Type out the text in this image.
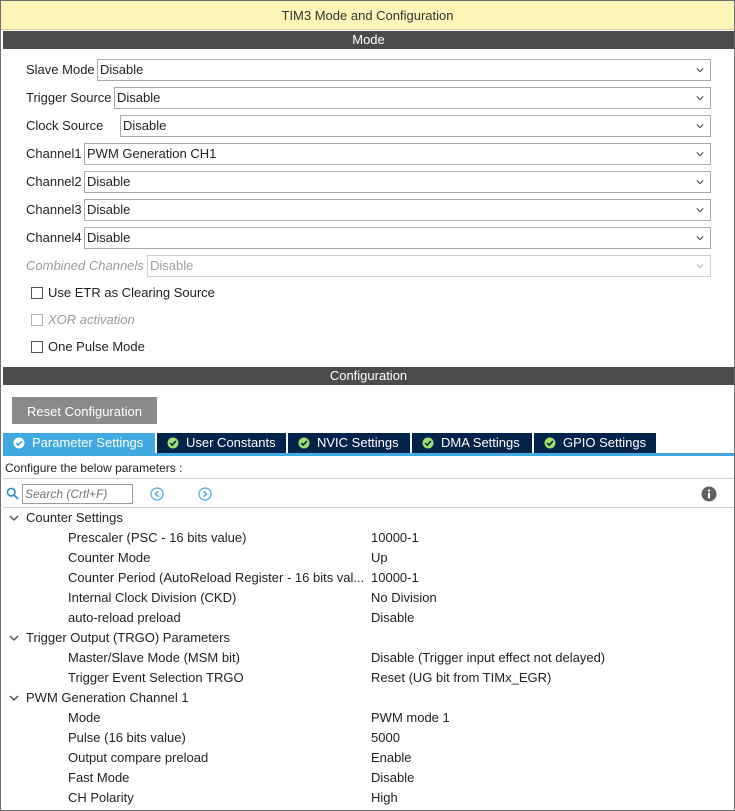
TIM3 Mode and Configuration
Mode
Slave Mode Disable
Trigger Source Disable
Clock Source Disable
Channel1 PWM Generation CH1
Channel2 Disable
Channel3 Disable
Channel4 Disable
Combined Channels Disable
Use ETR as Clearing Source
XOR activation
One Pulse Mode
Configuration
Reset Configuration
Parameter Settings	User Constants	NVIC Settings	DMA Settings	GPIO Settings
Configure the below parameters :
Search (Crtl+F)
Counter Settings
Prescaler (PSC - 16 bits value)	10000-1
Counter Mode	Up
Counter Period (AutoReload Register - 16 bits val... 10000-1
Internal Clock Division (CKD)	No Division
auto-reload preload	Disable
Trigger Output (TRGO) Parameters
Master/Slave Mode (MSM bit)	Disable (Trigger input effect not delayed)
Trigger Event Selection TRGO	Reset (UG bit from TIMx_EGR)
PWM Generation Channel 1
Mode	PWM mode 1
Pulse (16 bits value)	5000
Output compare preload	Enable
Fast Mode	Disable
CH Polarity	High
